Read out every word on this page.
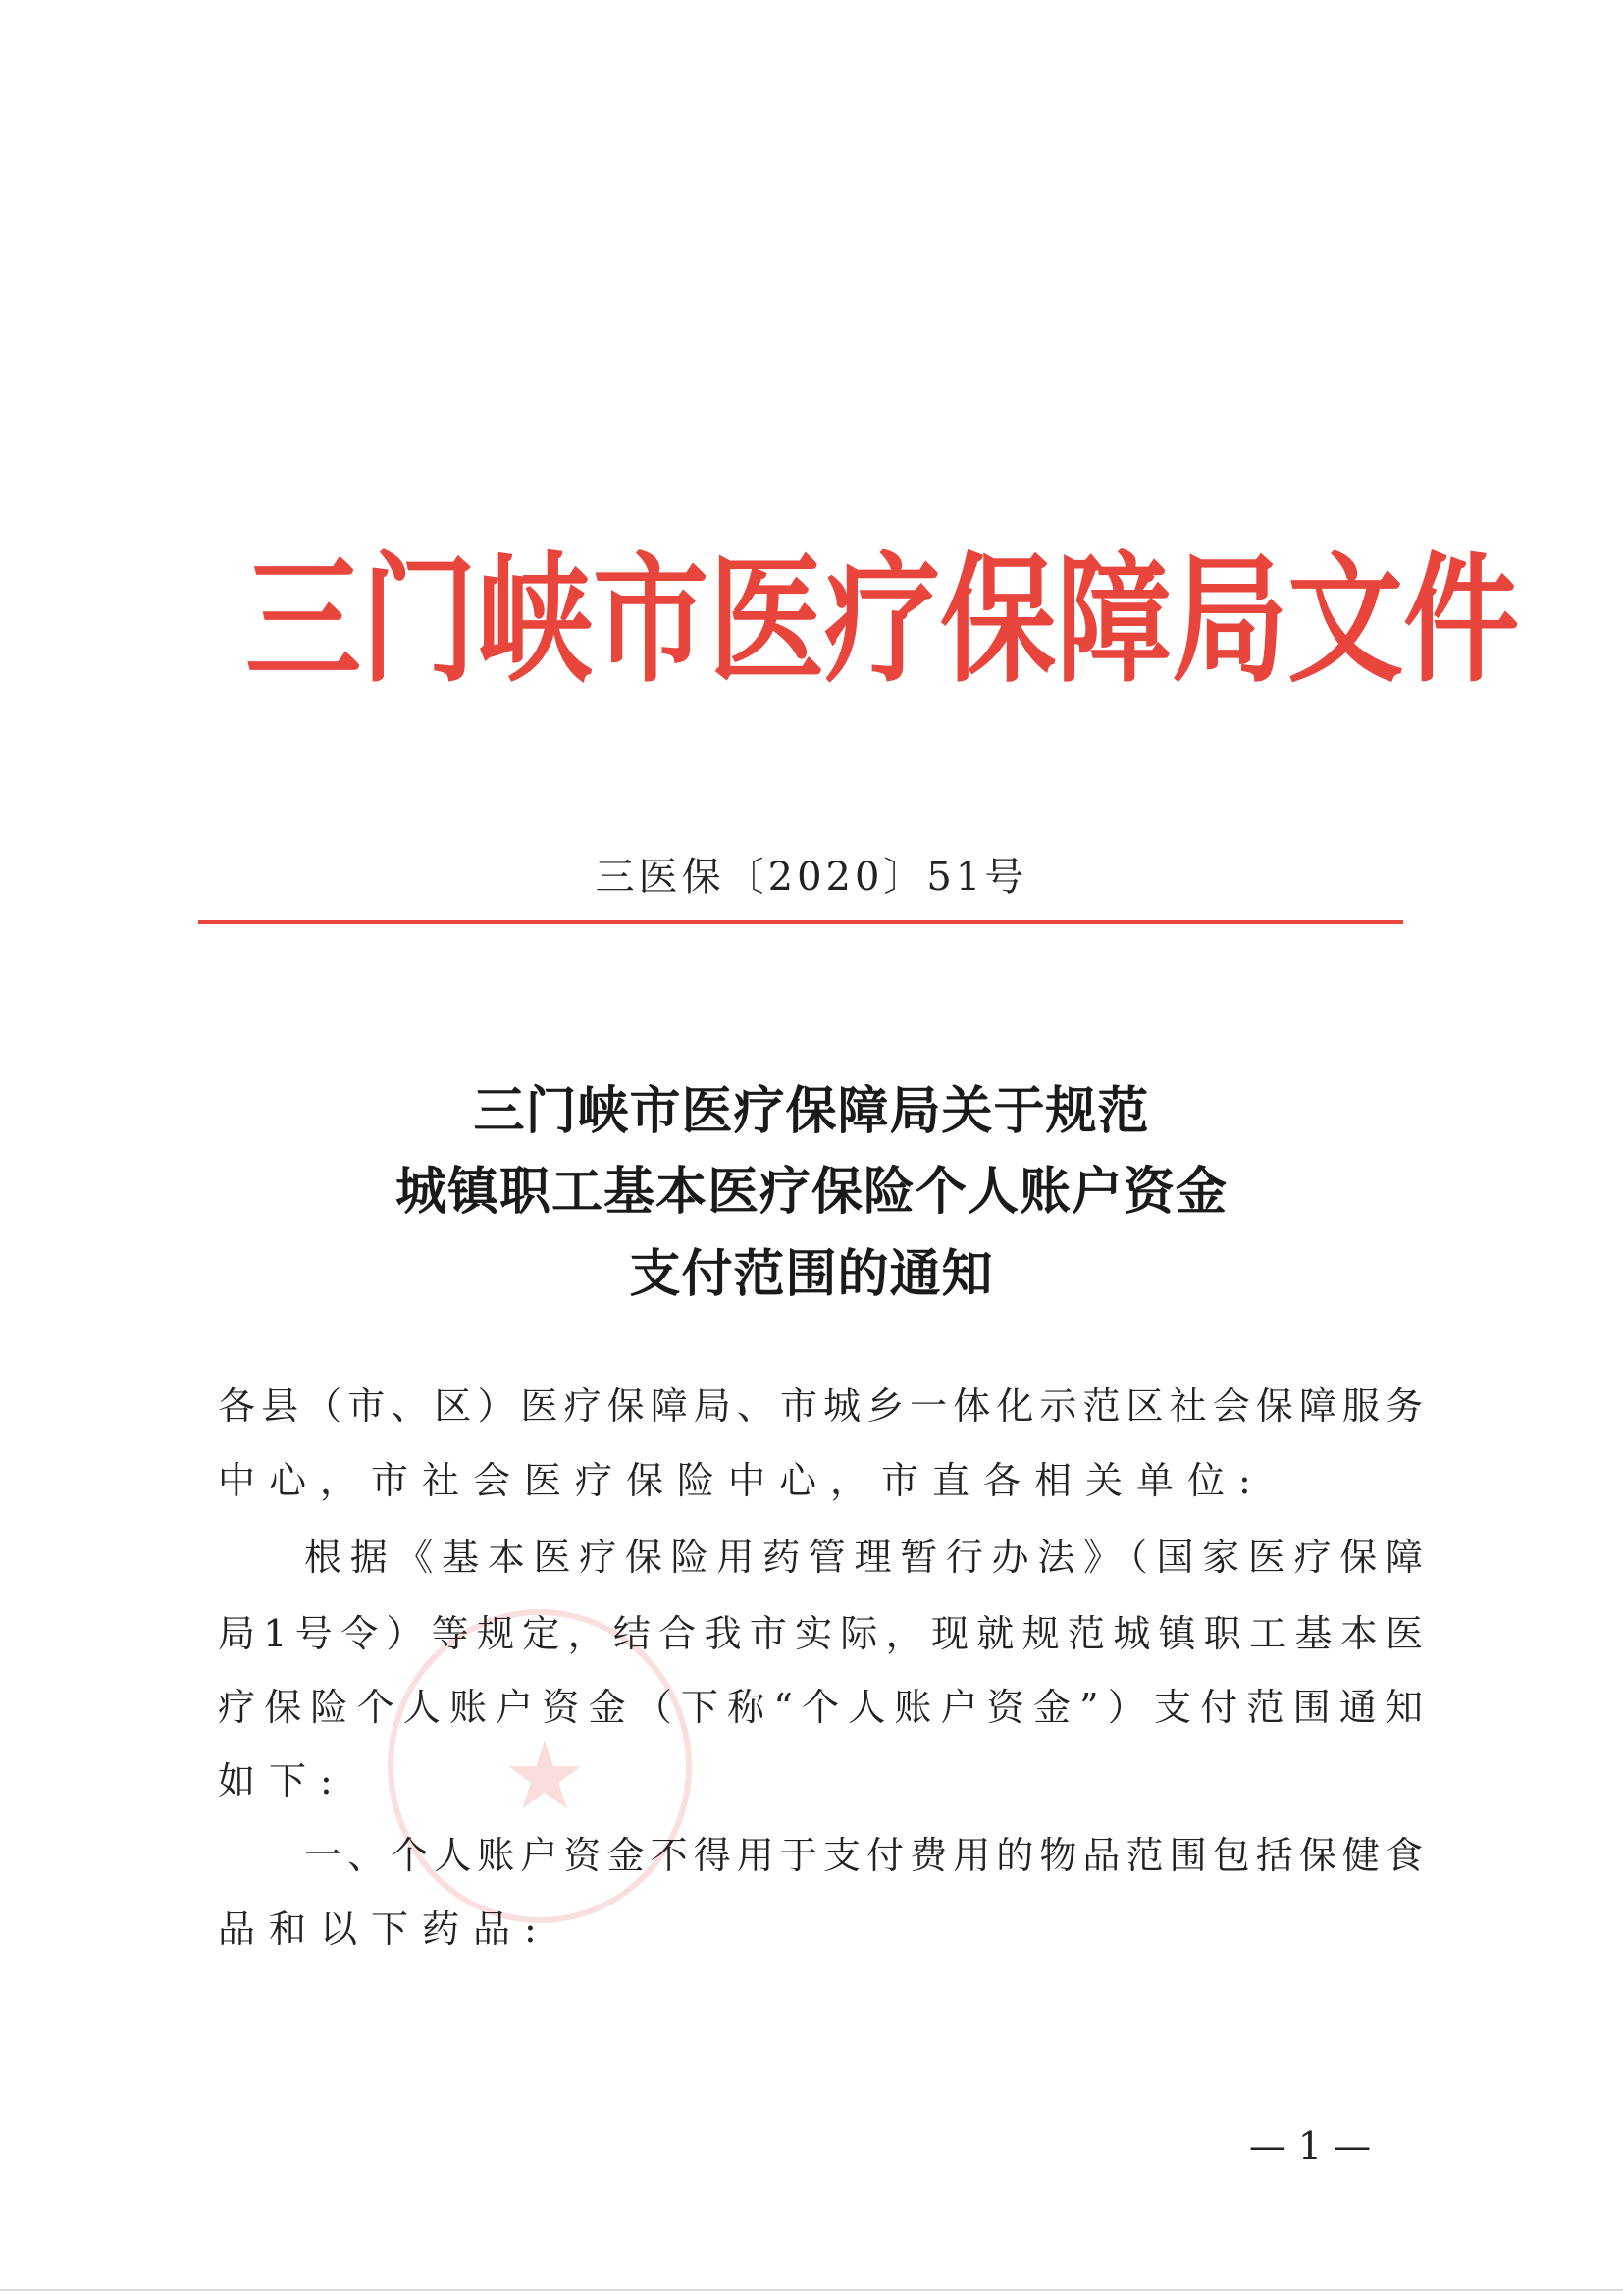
★
三 门 峡 市 医 疗 保 障 局 文 件
三医保〔2020〕51号
三门峡市医疗保障局关于规范
城镇职工基本医疗保险个人账户资金
支付范围的通知
各县（市、区）医疗保障局、市城乡一体化示范区社会保障服务
中心，市社会医疗保险中心，市直各相关单位:
根据《基本医疗保险用药管理暂行办法》（国家医疗保障
局1号令）等规定，结合我市实际，现就规范城镇职工基本医
疗保险个人账户资金（下称“个人账户资金”）支付范围通知
如下:
一、个人账户资金不得用于支付费用的物品范围包括保健食
品和以下药品:
— 1 —
